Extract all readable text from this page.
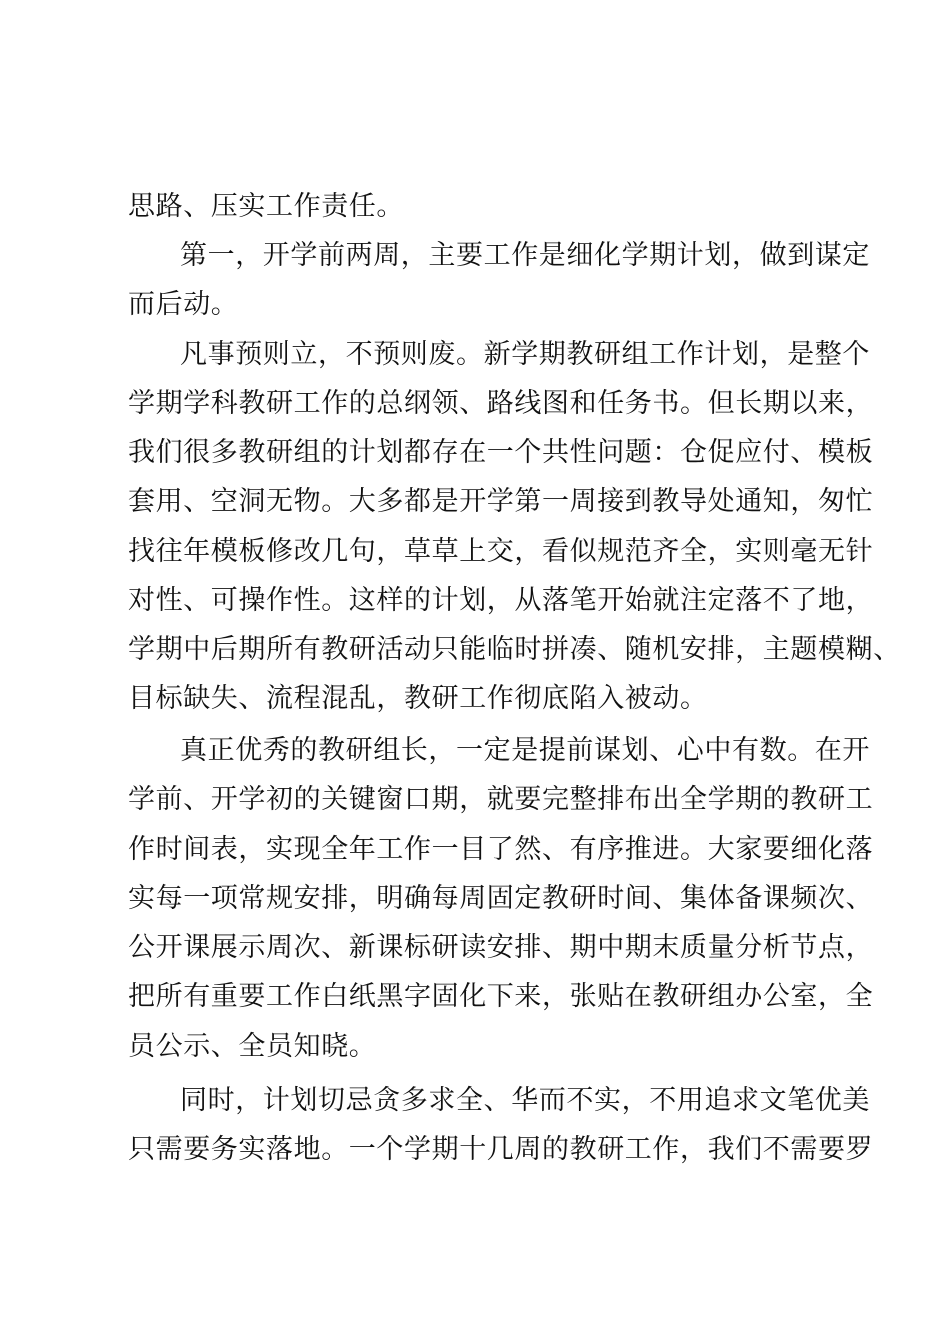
思路、压实工作责任。
第一，开学前两周，主要工作是细化学期计划，做到谋定
而后动。
凡事预则立，不预则废。新学期教研组工作计划，是整个
学期学科教研工作的总纲领、路线图和任务书。但长期以来，
我们很多教研组的计划都存在一个共性问题：仓促应付、模板
套用、空洞无物。大多都是开学第一周接到教导处通知，匆忙
找往年模板修改几句，草草上交，看似规范齐全，实则毫无针
对性、可操作性。这样的计划，从落笔开始就注定落不了地，
学期中后期所有教研活动只能临时拼凑、随机安排，主题模糊、
目标缺失、流程混乱，教研工作彻底陷入被动。
真正优秀的教研组长，一定是提前谋划、心中有数。在开
学前、开学初的关键窗口期，就要完整排布出全学期的教研工
作时间表，实现全年工作一目了然、有序推进。大家要细化落
实每一项常规安排，明确每周固定教研时间、集体备课频次、
公开课展示周次、新课标研读安排、期中期末质量分析节点，
把所有重要工作白纸黑字固化下来，张贴在教研组办公室，全
员公示、全员知晓。
同时，计划切忌贪多求全、华而不实，不用追求文笔优美
只需要务实落地。一个学期十几周的教研工作，我们不需要罗
